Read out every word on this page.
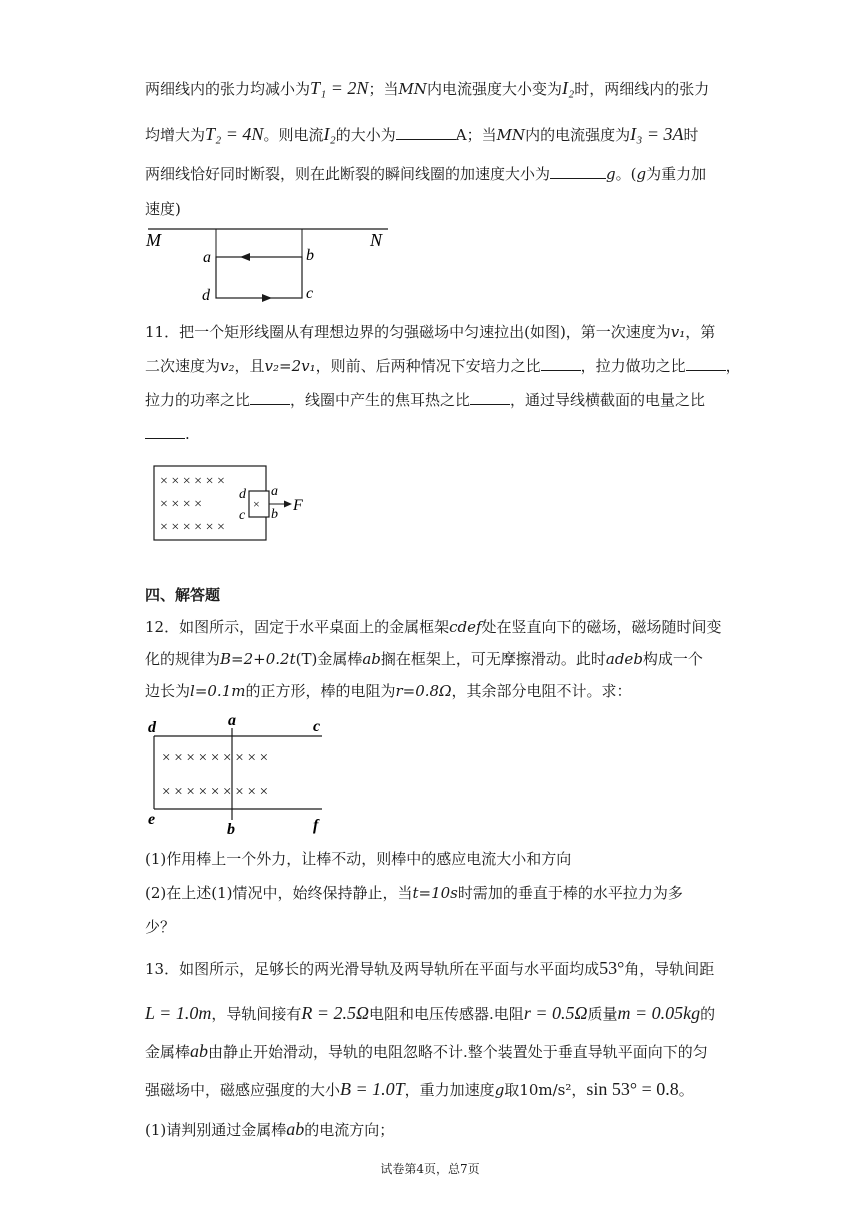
两细线内的张力均减小为T₁ = 2N；当MN内电流强度大小变为I₂时，两细线内的张力
均增大为T₂ = 4N。则电流I₂的大小为	A；当MN内的电流强度为I₃ = 3A时
两细线恰好同时断裂，则在此断裂的瞬间线圈的加速度大小为	g。(g为重力加
速度)
M	N
a	b
c
d
11．把一个矩形线圈从有理想边界的匀强磁场中匀速拉出(如图)，第一次速度为v₁，第
二次速度为v₂，且v₂=2v₁，则前、后两种情况下安培力之比	，拉力做功之比	，
拉力的功率之比	，线圈中产生的焦耳热之比	，通过导线横截面的电量之比
.
× × × × × ×
× × × ×
× × × × × ×
×
d
c
a
b
F
四、解答题
12．如图所示，固定于水平桌面上的金属框架cdef处在竖直向下的磁场，磁场随时间变
化的规律为B=2+0.2t(T)金属棒ab搁在框架上，可无摩擦滑动。此时adeb构成一个
边长为l=0.1m的正方形，棒的电阻为r=0.8Ω，其余部分电阻不计。求：
× × × × × × × × ×
× × × × × × × × ×
d	a	c
e
b	f
(1)作用棒上一个外力，让棒不动，则棒中的感应电流大小和方向
(2)在上述(1)情况中，始终保持静止，当t=10s时需加的垂直于棒的水平拉力为多
少？
13．如图所示，足够长的两光滑导轨及两导轨所在平面与水平面均成53°角，导轨间距
L = 1.0m，导轨间接有R = 2.5Ω电阻和电压传感器.电阻r = 0.5Ω质量m = 0.05kg的
金属棒ab由静止开始滑动，导轨的电阻忽略不计.整个装置处于垂直导轨平面向下的匀
强磁场中，磁感应强度的大小B = 1.0T，重力加速度g取10m/s²，sin 53° = 0.8。
(1)请判别通过金属棒ab的电流方向；
试卷第4页，总7页
